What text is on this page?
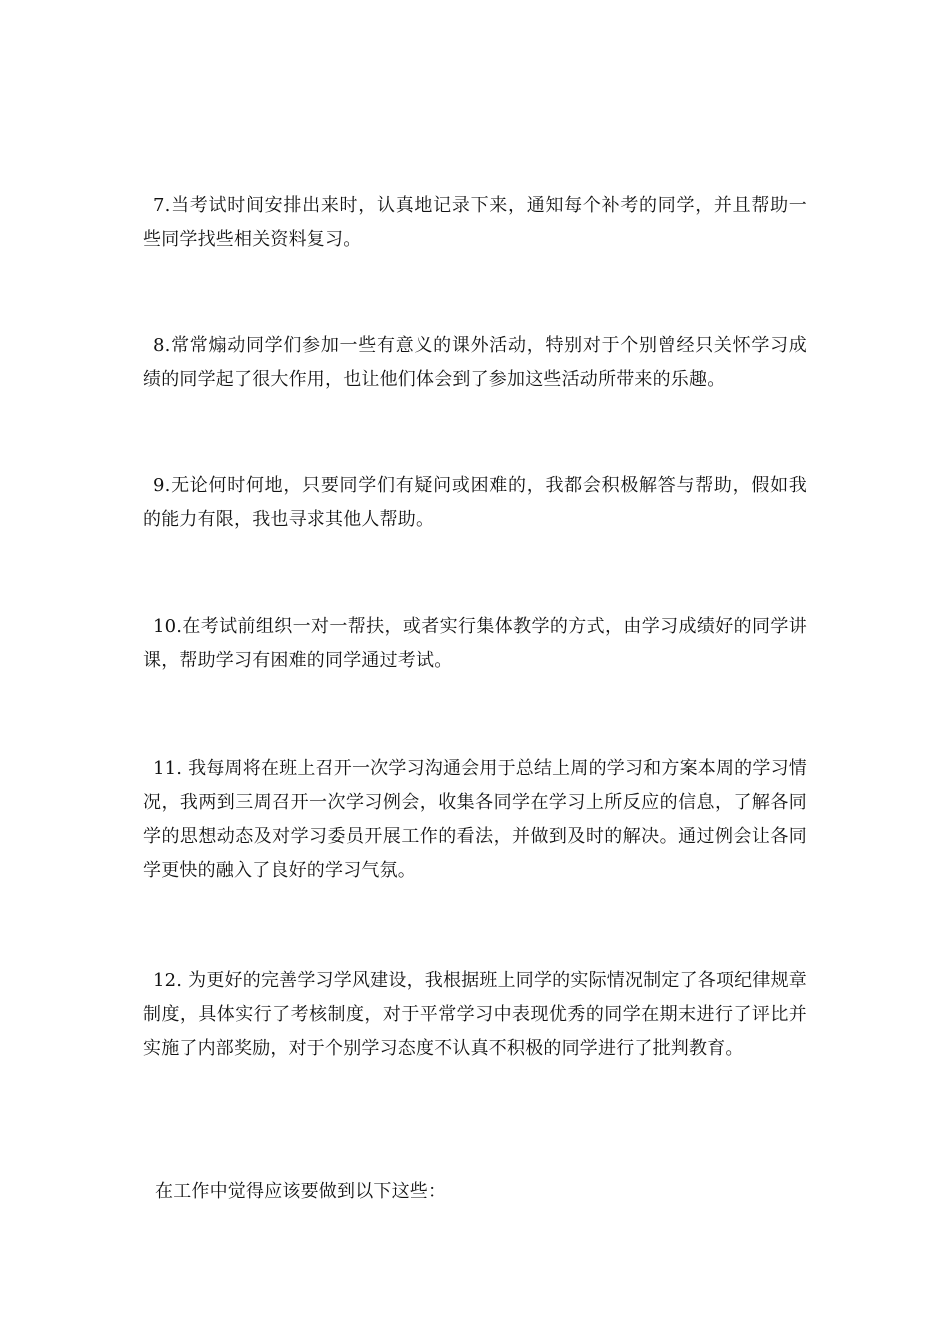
7.当考试时间安排出来时，认真地记录下来，通知每个补考的同学，并且帮助一些同学找些相关资料复习。

8.常常煽动同学们参加一些有意义的课外活动，特别对于个别曾经只关怀学习成绩的同学起了很大作用，也让他们体会到了参加这些活动所带来的乐趣。

9.无论何时何地，只要同学们有疑问或困难的，我都会积极解答与帮助，假如我的能力有限，我也寻求其他人帮助。

10.在考试前组织一对一帮扶，或者实行集体教学的方式，由学习成绩好的同学讲课，帮助学习有困难的同学通过考试。

11. 我每周将在班上召开一次学习沟通会用于总结上周的学习和方案本周的学习情况，我两到三周召开一次学习例会，收集各同学在学习上所反应的信息，了解各同学的思想动态及对学习委员开展工作的看法，并做到及时的解决。通过例会让各同学更快的融入了良好的学习气氛。

12. 为更好的完善学习学风建设，我根据班上同学的实际情况制定了各项纪律规章制度，具体实行了考核制度，对于平常学习中表现优秀的同学在期末进行了评比并实施了内部奖励，对于个别学习态度不认真不积极的同学进行了批判教育。

在工作中觉得应该要做到以下这些：
